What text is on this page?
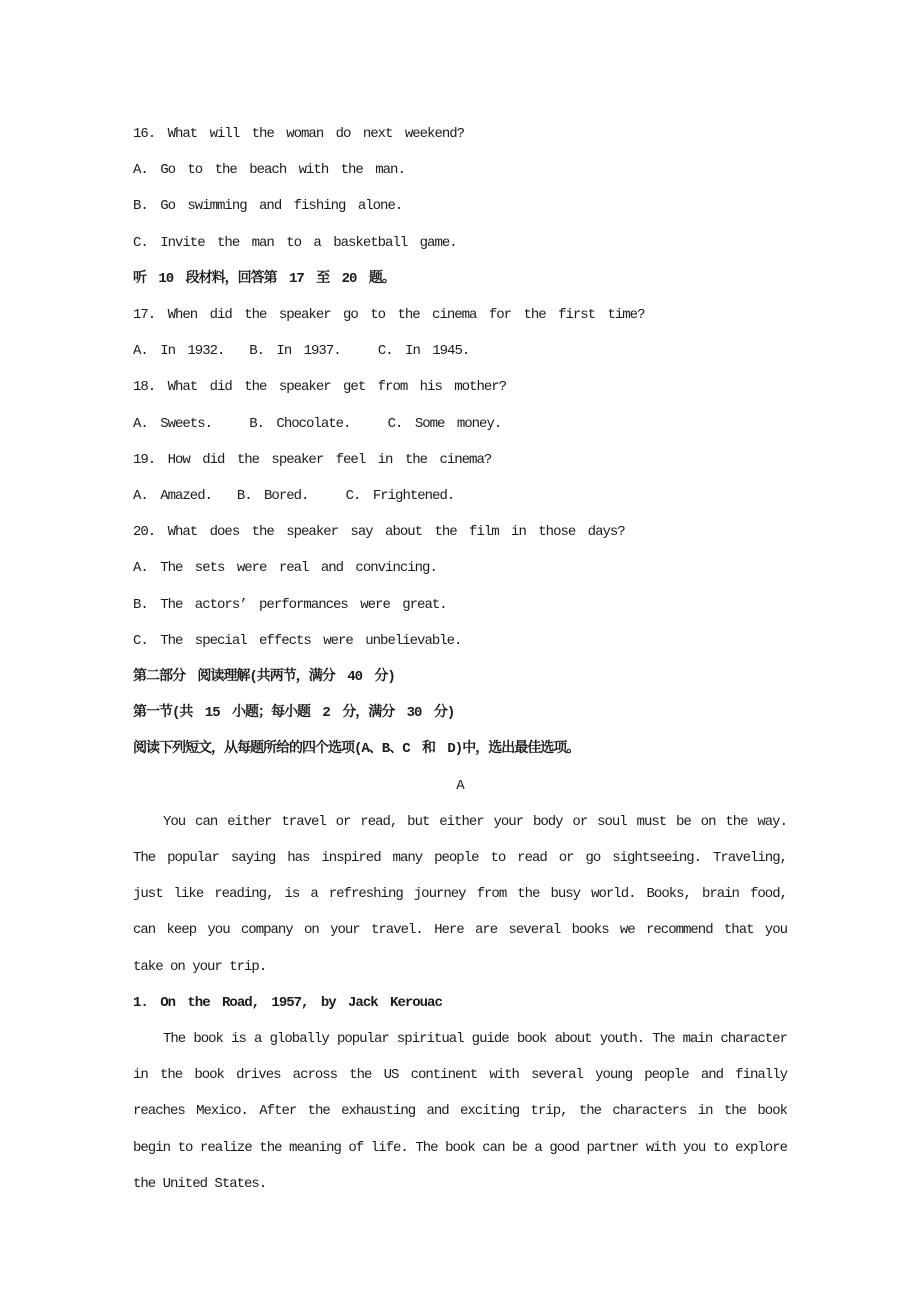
16. What will the woman do next weekend?
A. Go to the beach with the man.
B. Go swimming and fishing alone.
C. Invite the man to a basketball game.
听 10 段材料，回答第 17 至 20 题。
17. When did the speaker go to the cinema for the first time?
A. In 1932.  B. In 1937.   C. In 1945.
18. What did the speaker get from his mother?
A. Sweets.   B. Chocolate.   C. Some money.
19. How did the speaker feel in the cinema?
A. Amazed.  B. Bored.   C. Frightened.
20. What does the speaker say about the film in those days?
A. The sets were real and convincing.
B. The actors’ performances were great.
C. The special effects were unbelievable.
第二部分 阅读理解(共两节，满分 40 分)
第一节(共 15 小题；每小题 2 分，满分 30 分)
阅读下列短文，从每题所给的四个选项(A、B、C 和 D)中，选出最佳选项。
A
You can either travel or read, but either your body or soul must be on the way.
The popular saying has inspired many people to read or go sightseeing. Traveling,
just like reading, is a refreshing journey from the busy world. Books, brain food,
can keep you company on your travel. Here are several books we recommend that you
take on your trip.
1. On the Road, 1957, by Jack Kerouac
The book is a globally popular spiritual guide book about youth. The main character
in the book drives across the US continent with several young people and finally
reaches Mexico. After the exhausting and exciting trip, the characters in the book
begin to realize the meaning of life. The book can be a good partner with you to explore
the United States.
